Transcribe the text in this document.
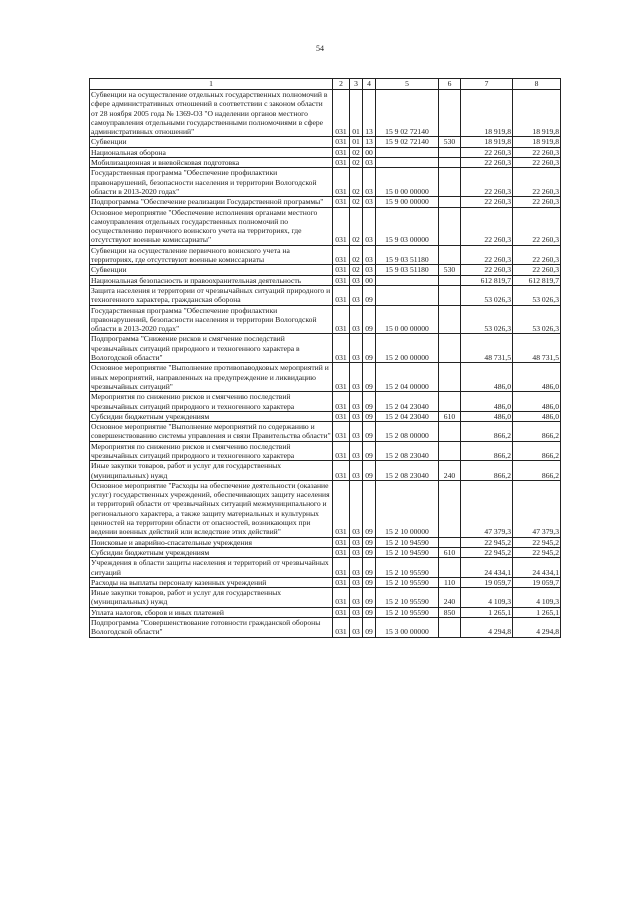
54
1	2	3	4	5	6	7	8
Субвенции на осуществление отдельных государственных полномочий в сфере административных отношений в соответствии с законом области от 28 ноября 2005 года № 1369-ОЗ "О наделении органов местного самоуправления отдельными государственными полномочиями в сфере административных отношений"	031	01	13	15 9 02 72140		18 919,8	18 919,8
Субвенции	031	01	13	15 9 02 72140	530	18 919,8	18 919,8
Национальная оборона	031	02	00			22 260,3	22 260,3
Мобилизационная и вневойсковая подготовка	031	02	03			22 260,3	22 260,3
Государственная программа "Обеспечение профилактики правонарушений, безопасности населения и территории Вологодской области в 2013-2020 годах"	031	02	03	15 0 00 00000		22 260,3	22 260,3
Подпрограмма "Обеспечение реализации Государственной программы"	031	02	03	15 9 00 00000		22 260,3	22 260,3
Основное мероприятие "Обеспечение исполнения органами местного самоуправления отдельных государственных полномочий по осуществлению первичного воинского учета на территориях, где отсутствуют военные комиссариаты"	031	02	03	15 9 03 00000		22 260,3	22 260,3
Субвенции на осуществление первичного воинского учета на территориях, где отсутствуют военные комиссариаты	031	02	03	15 9 03 51180		22 260,3	22 260,3
Субвенции	031	02	03	15 9 03 51180	530	22 260,3	22 260,3
Национальная безопасность и правоохранительная деятельность	031	03	00			612 819,7	612 819,7
Защита населения и территории от чрезвычайных ситуаций природного и техногенного характера, гражданская оборона	031	03	09			53 026,3	53 026,3
Государственная программа "Обеспечение профилактики правонарушений, безопасности населения и территории Вологодской области в 2013-2020 годах"	031	03	09	15 0 00 00000		53 026,3	53 026,3
Подпрограмма "Снижение рисков и смягчение последствий чрезвычайных ситуаций природного и техногенного характера в Вологодской области"	031	03	09	15 2 00 00000		48 731,5	48 731,5
Основное мероприятие "Выполнение противопаводковых мероприятий и иных мероприятий, направленных на предупреждение и ликвидацию чрезвычайных ситуаций"	031	03	09	15 2 04 00000		486,0	486,0
Мероприятия по снижению рисков и смягчению последствий чрезвычайных ситуаций природного и техногенного характера	031	03	09	15 2 04 23040		486,0	486,0
Субсидии бюджетным учреждениям	031	03	09	15 2 04 23040	610	486,0	486,0
Основное мероприятие "Выполнение мероприятий по содержанию и совершенствованию системы управления и связи Правительства области"	031	03	09	15 2 08 00000		866,2	866,2
Мероприятия по снижению рисков и смягчению последствий чрезвычайных ситуаций природного и техногенного характера	031	03	09	15 2 08 23040		866,2	866,2
Иные закупки товаров, работ и услуг для государственных (муниципальных) нужд	031	03	09	15 2 08 23040	240	866,2	866,2
Основное мероприятие "Расходы на обеспечение деятельности (оказание услуг) государственных учреждений, обеспечивающих защиту населения и территорий области от чрезвычайных ситуаций межмуниципального и регионального характера, а также защиту материальных и культурных ценностей на территории области от опасностей, возникающих при ведении военных действий или вследствие этих действий"	031	03	09	15 2 10 00000		47 379,3	47 379,3
Поисковые и аварийно-спасательные учреждения	031	03	09	15 2 10 94590		22 945,2	22 945,2
Субсидии бюджетным учреждениям	031	03	09	15 2 10 94590	610	22 945,2	22 945,2
Учреждения в области защиты населения и территорий от чрезвычайных ситуаций	031	03	09	15 2 10 95590		24 434,1	24 434,1
Расходы на выплаты персоналу казенных учреждений	031	03	09	15 2 10 95590	110	19 059,7	19 059,7
Иные закупки товаров, работ и услуг для государственных (муниципальных) нужд	031	03	09	15 2 10 95590	240	4 109,3	4 109,3
Уплата налогов, сборов и иных платежей	031	03	09	15 2 10 95590	850	1 265,1	1 265,1
Подпрограмма "Совершенствование готовности гражданской обороны Вологодской области"	031	03	09	15 3 00 00000		4 294,8	4 294,8
